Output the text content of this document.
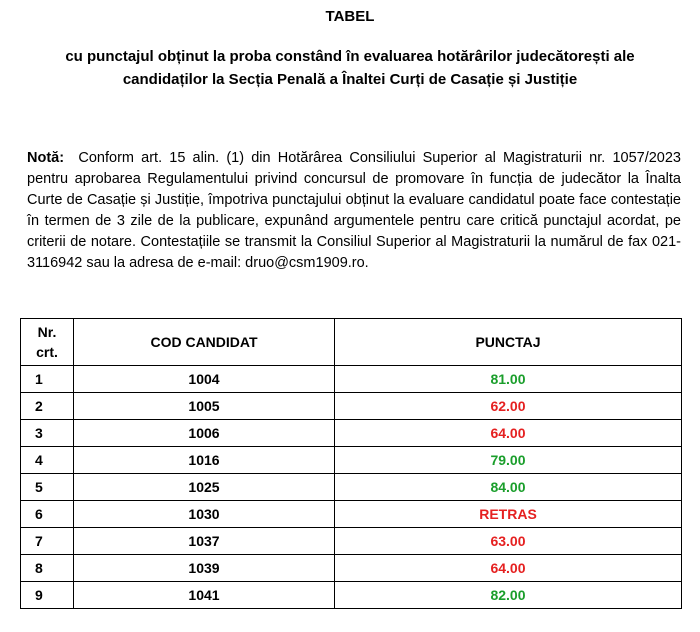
TABEL
cu punctajul obținut la proba constând în evaluarea hotărârilor judecătorești ale
candidaților la Secția Penală a Înaltei Curți de Casație și Justiție
Notă: Conform art. 15 alin. (1) din Hotărârea Consiliului Superior al Magistraturii nr. 1057/2023 pentru aprobarea Regulamentului privind concursul de promovare în funcția de judecător la Înalta Curte de Casație și Justiție, împotriva punctajului obținut la evaluare candidatul poate face contestație în termen de 3 zile de la publicare, expunând argumentele pentru care critică punctajul acordat, pe criterii de notare. Contestațiile se transmit la Consiliul Superior al Magistraturii la numărul de fax 021-3116942 sau la adresa de e-mail: druo@csm1909.ro.
Nr.
crt.	COD CANDIDAT	PUNCTAJ
1	1004	81.00
2	1005	62.00
3	1006	64.00
4	1016	79.00
5	1025	84.00
6	1030	RETRAS
7	1037	63.00
8	1039	64.00
9	1041	82.00
